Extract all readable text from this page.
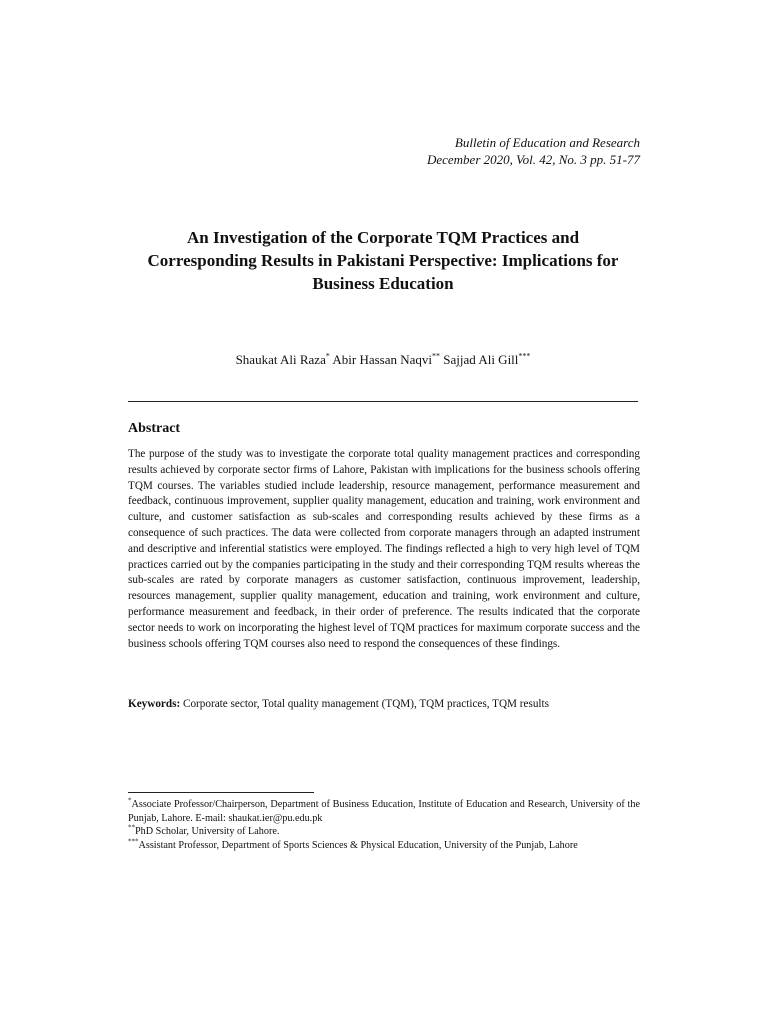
Bulletin of Education and Research
December 2020, Vol. 42, No. 3 pp. 51-77
An Investigation of the Corporate TQM Practices and
Corresponding Results in Pakistani Perspective: Implications for
Business Education
Shaukat Ali Raza* Abir Hassan Naqvi** Sajjad Ali Gill***
Abstract

The purpose of the study was to investigate the corporate total quality management practices and corresponding results achieved by corporate sector firms of Lahore, Pakistan with implications for the business schools offering TQM courses. The variables studied include leadership, resource management, performance measurement and feedback, continuous improvement, supplier quality management, education and training, work environment and culture, and customer satisfaction as sub-scales and corresponding results achieved by these firms as a consequence of such practices. The data were collected from corporate managers through an adapted instrument and descriptive and inferential statistics were employed. The findings reflected a high to very high level of TQM practices carried out by the companies participating in the study and their corresponding TQM results whereas the sub-scales are rated by corporate managers as customer satisfaction, continuous improvement, leadership, resources management, supplier quality management, education and training, work environment and culture, performance measurement and feedback, in their order of preference. The results indicated that the corporate sector needs to work on incorporating the highest level of TQM practices for maximum corporate success and the business schools offering TQM courses also need to respond the consequences of these findings.

Keywords: Corporate sector, Total quality management (TQM), TQM practices, TQM results

*Associate Professor/Chairperson, Department of Business Education, Institute of Education and Research, University of the Punjab, Lahore. E-mail: shaukat.ier@pu.edu.pk

**PhD Scholar, University of Lahore.

***Assistant Professor, Department of Sports Sciences & Physical Education, University of the Punjab, Lahore
